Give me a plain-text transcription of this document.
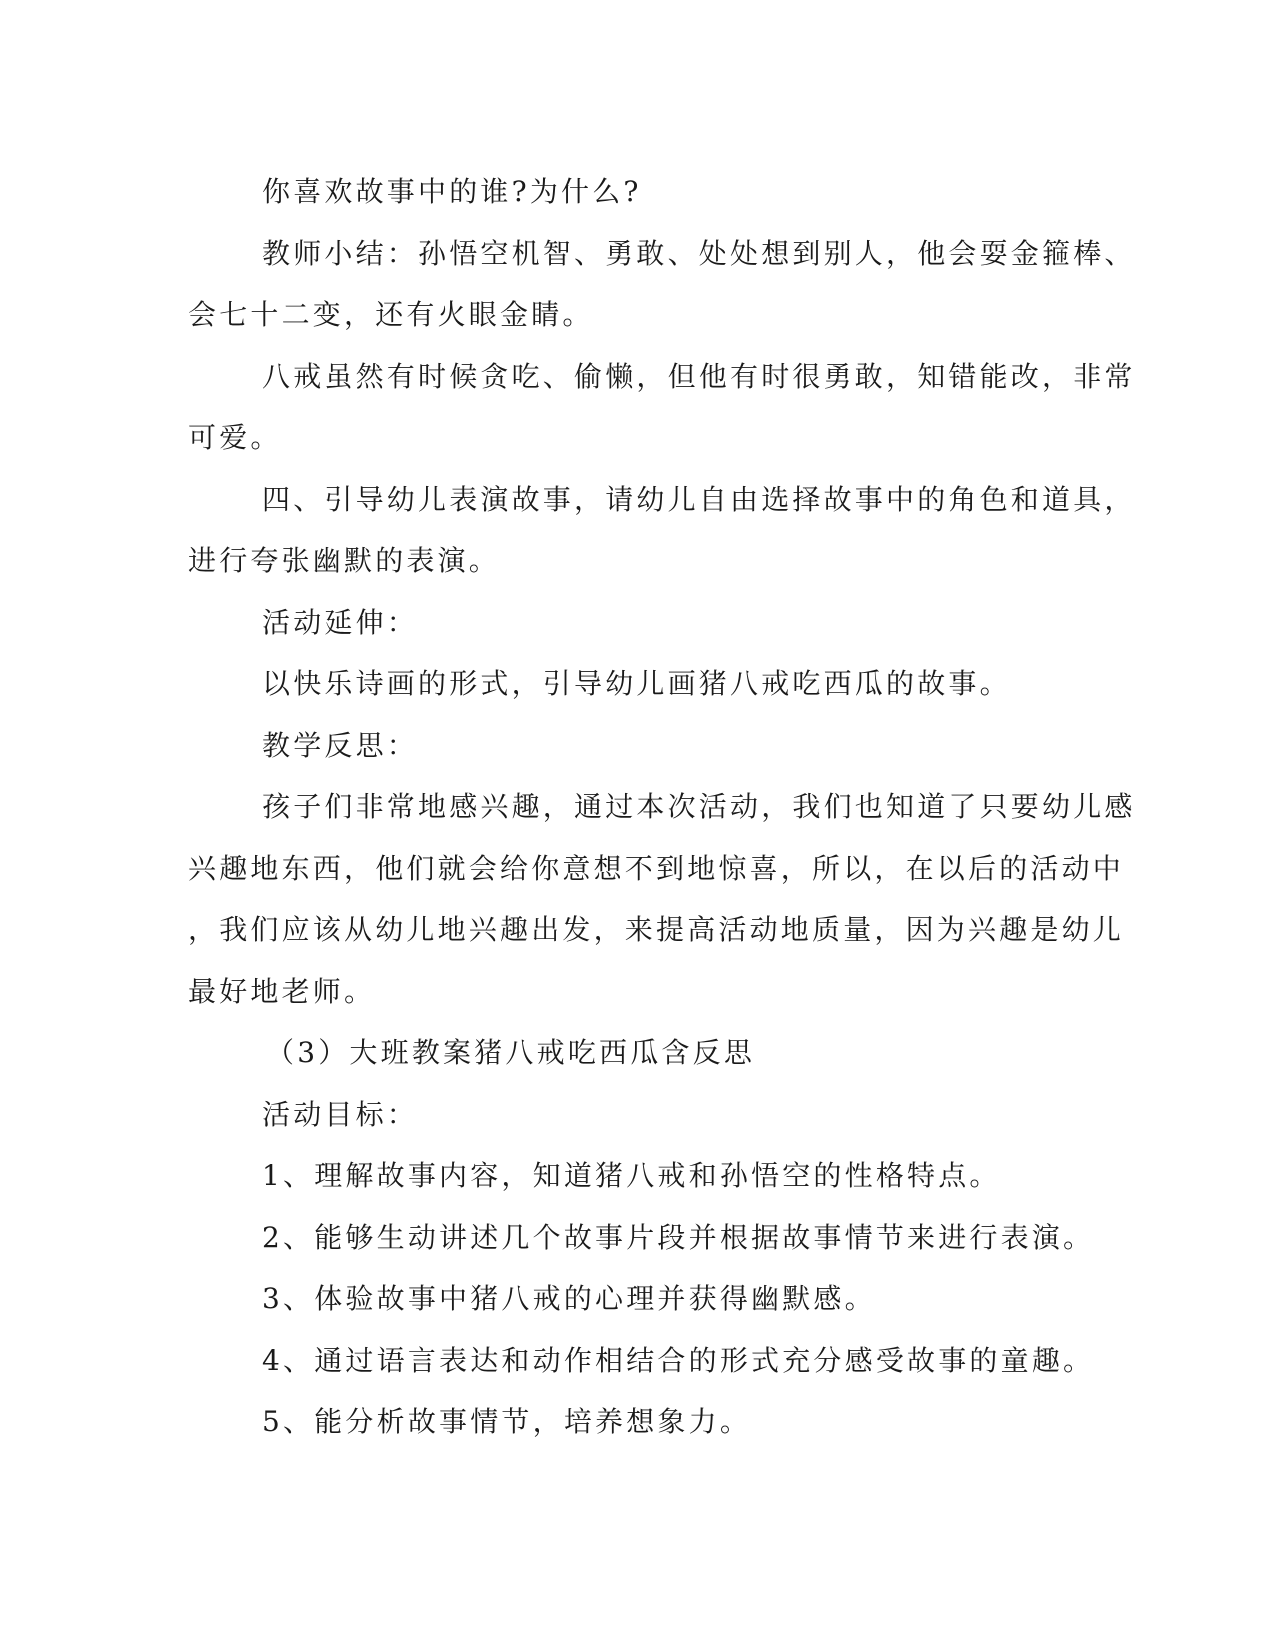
你喜欢故事中的谁?为什么?
教师小结：孙悟空机智、勇敢、处处想到别人，他会耍金箍棒、
会七十二变，还有火眼金睛。
八戒虽然有时候贪吃、偷懒，但他有时很勇敢，知错能改，非常
可爱。
四、引导幼儿表演故事，请幼儿自由选择故事中的角色和道具，
进行夸张幽默的表演。
活动延伸：
以快乐诗画的形式，引导幼儿画猪八戒吃西瓜的故事。
教学反思：
孩子们非常地感兴趣，通过本次活动，我们也知道了只要幼儿感
兴趣地东西，他们就会给你意想不到地惊喜，所以，在以后的活动中
，我们应该从幼儿地兴趣出发，来提高活动地质量，因为兴趣是幼儿
最好地老师。
（3）大班教案猪八戒吃西瓜含反思
活动目标：
1、理解故事内容，知道猪八戒和孙悟空的性格特点。
2、能够生动讲述几个故事片段并根据故事情节来进行表演。
3、体验故事中猪八戒的心理并获得幽默感。
4、通过语言表达和动作相结合的形式充分感受故事的童趣。
5、能分析故事情节，培养想象力。
